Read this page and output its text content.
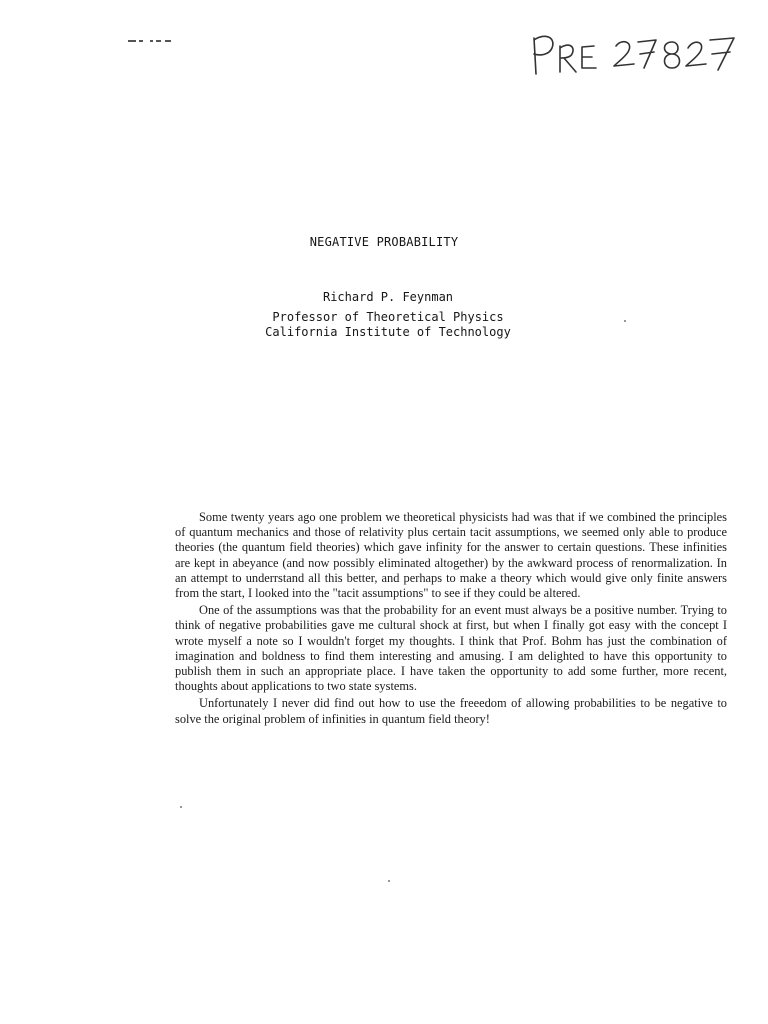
NEGATIVE PROBABILITY
Richard P. Feynman
Professor of Theoretical Physics
California Institute of Technology

Some twenty years ago one problem we theoretical physicists had was that if we combined the principles of quantum mechanics and those of relativity plus certain tacit assumptions, we seemed only able to produce theories (the quantum field theories) which gave infinity for the answer to certain questions. These infinities are kept in abeyance (and now possibly eliminated altogether) by the awkward process of renormalization. In an attempt to underrstand all this better, and perhaps to make a theory which would give only finite answers from the start, I looked into the "tacit assumptions" to see if they could be altered.

One of the assumptions was that the probability for an event must always be a positive number. Trying to think of negative probabilities gave me cultural shock at first, but when I finally got easy with the concept I wrote myself a note so I wouldn't forget my thoughts. I think that Prof. Bohm has just the combination of imagination and boldness to find them interesting and amusing. I am delighted to have this opportunity to publish them in such an appropriate place. I have taken the opportunity to add some further, more recent, thoughts about applications to two state systems.

Unfortunately I never did find out how to use the freeedom of allowing probabilities to be negative to solve the original problem of infinities in quantum field theory!
